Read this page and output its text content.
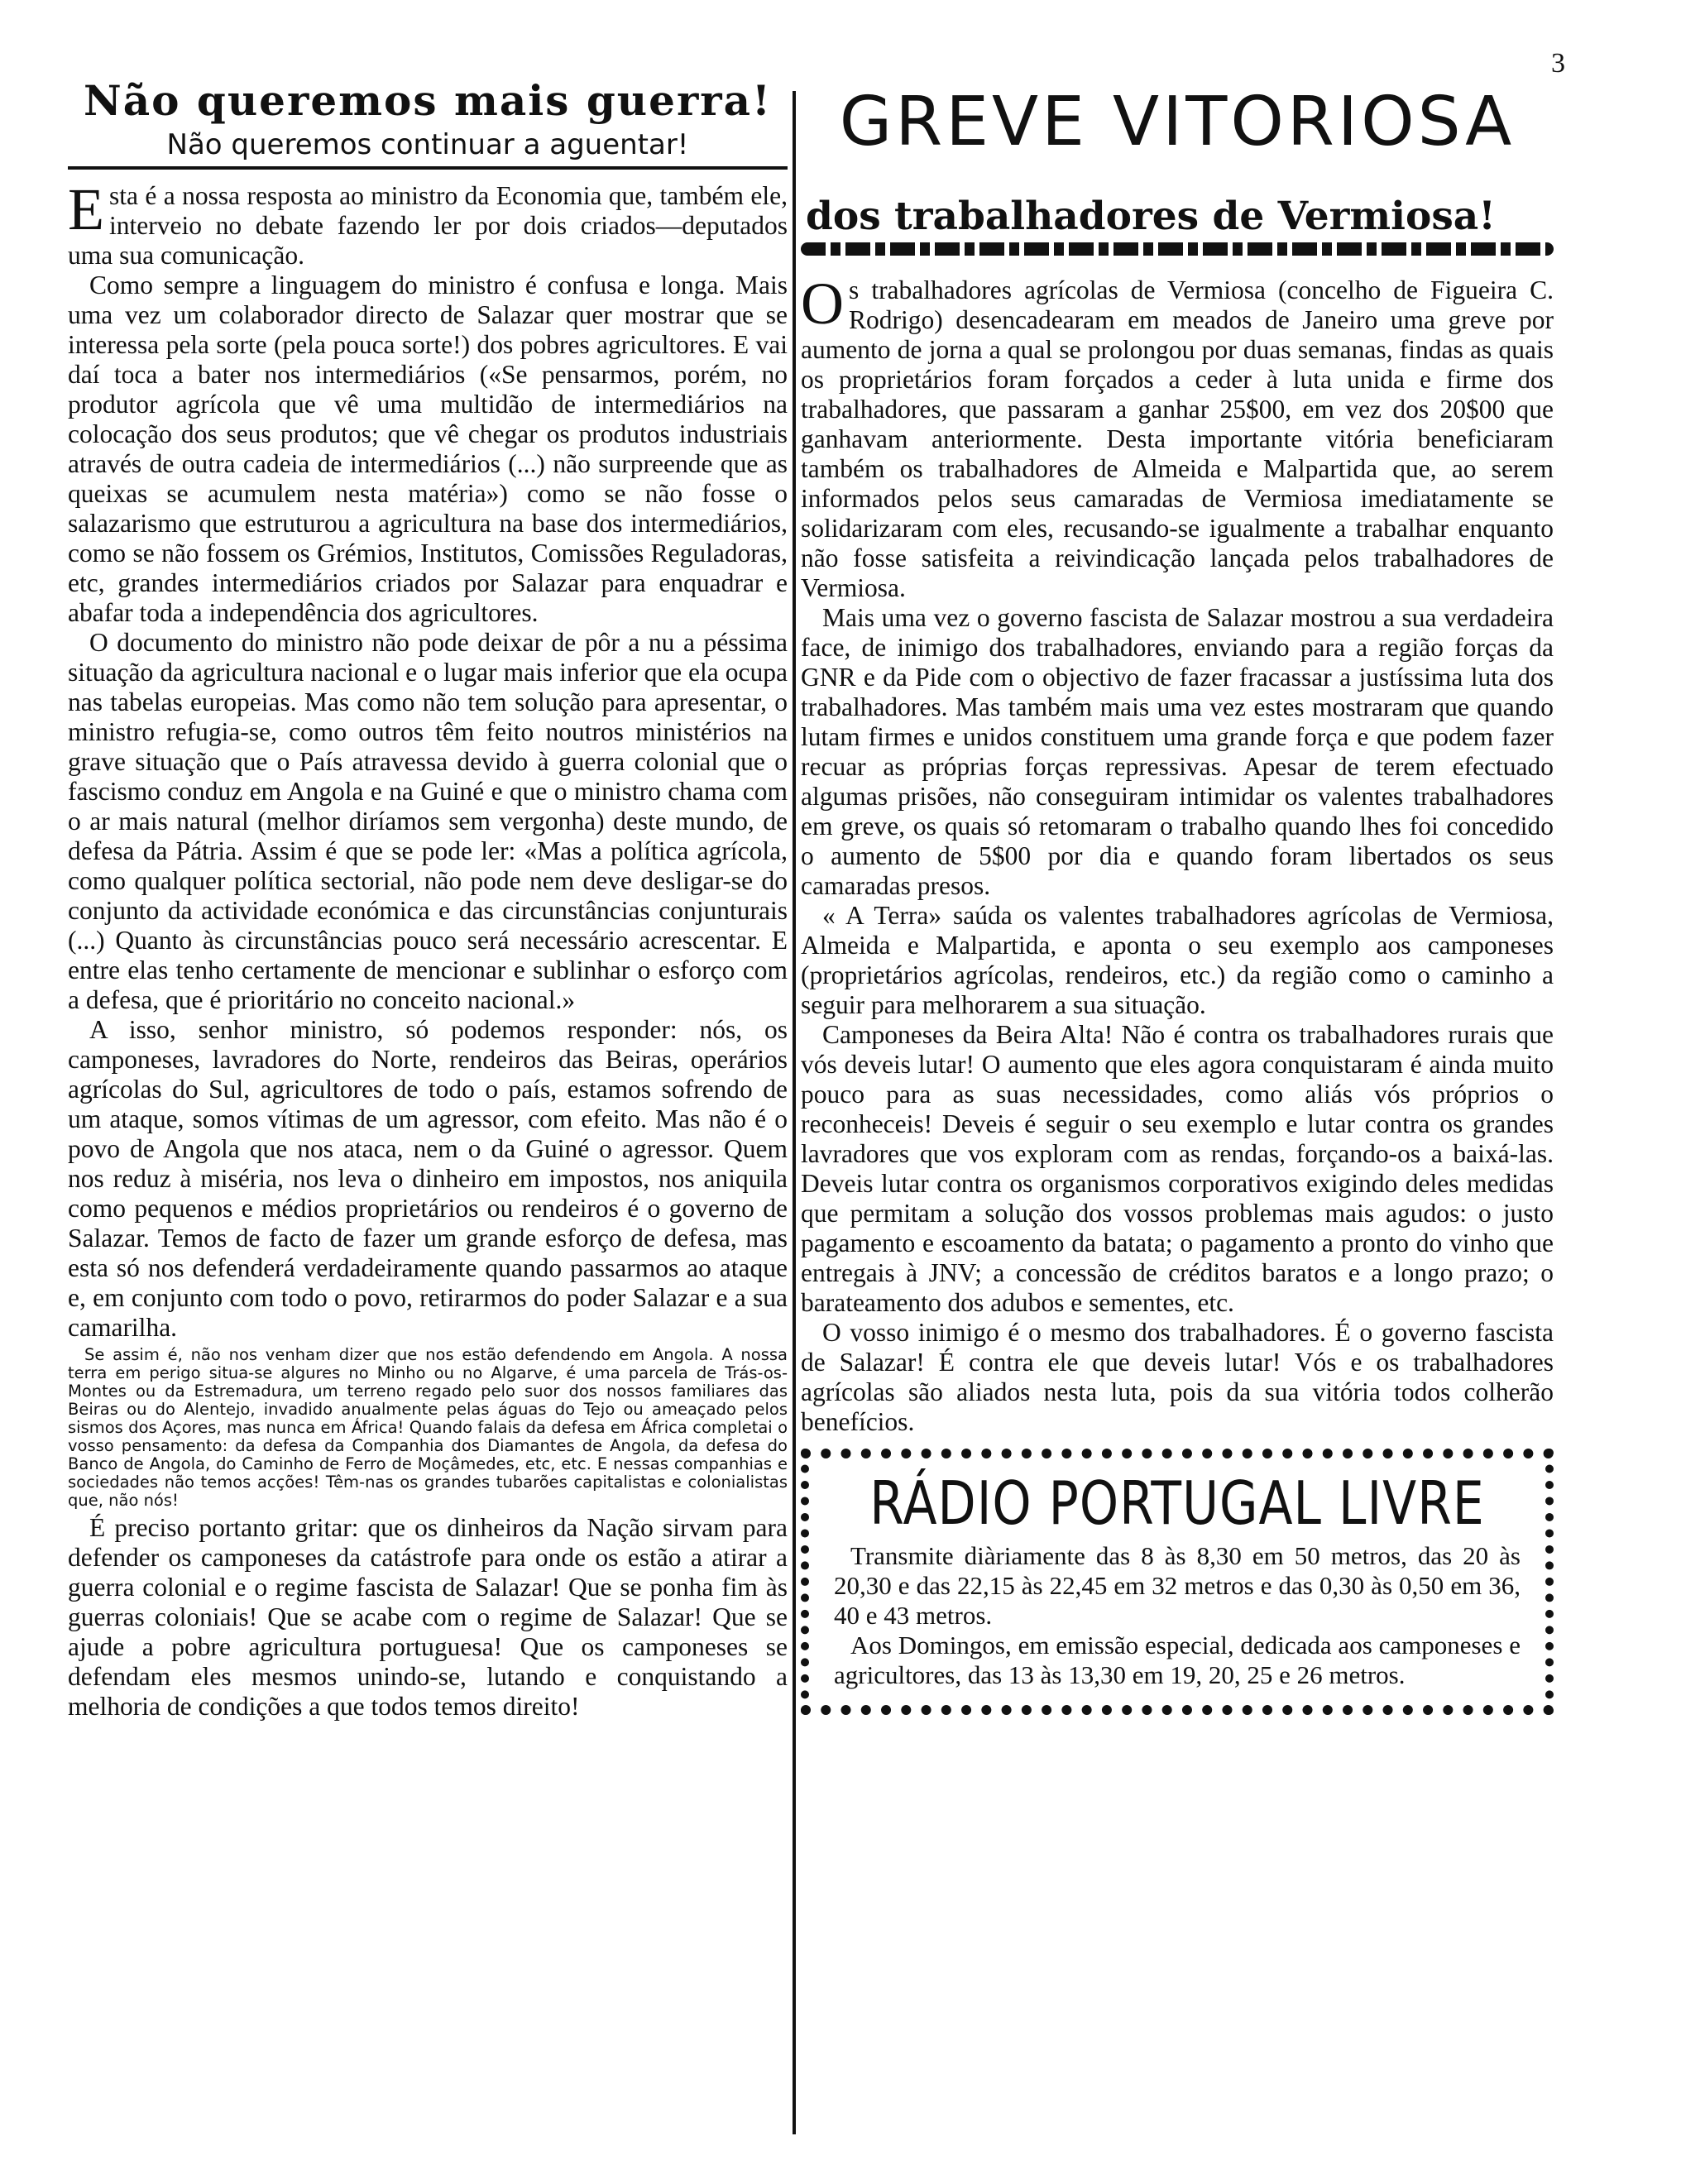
3
Não queremos mais guerra!
Não queremos continuar a aguentar!

Esta é a nossa resposta ao ministro da Economia que, também ele, interveio no debate fazendo ler por dois criados—deputados uma sua comunicação.

Como sempre a linguagem do ministro é confusa e longa. Mais uma vez um colaborador directo de Salazar quer mostrar que se interessa pela sorte (pela pouca sorte!) dos pobres agricultores. E vai daí toca a bater nos intermediários («Se pensarmos, porém, no produtor agrícola que vê uma multidão de intermediários na colocação dos seus produtos; que vê chegar os produtos industriais através de outra cadeia de intermediários (...) não surpreende que as queixas se acumulem nesta matéria») como se não fosse o salazarismo que estruturou a agricultura na base dos intermediários, como se não fossem os Grémios, Institutos, Comissões Reguladoras, etc, grandes intermediários criados por Salazar para enquadrar e abafar toda a independência dos agricultores.

O documento do ministro não pode deixar de pôr a nu a péssima situação da agricultura nacional e o lugar mais inferior que ela ocupa nas tabelas europeias. Mas como não tem solução para apresentar, o ministro refugia-se, como outros têm feito noutros ministérios na grave situação que o País atravessa devido à guerra colonial que o fascismo conduz em Angola e na Guiné e que o ministro chama com o ar mais natural (melhor diríamos sem vergonha) deste mundo, de defesa da Pátria. Assim é que se pode ler: «Mas a política agrícola, como qualquer política sectorial, não pode nem deve desligar-se do conjunto da actividade económica e das circunstâncias conjunturais (...) Quanto às circunstâncias pouco será necessário acrescentar. E entre elas tenho certamente de mencionar e sublinhar o esforço com a defesa, que é prioritário no conceito nacional.»

A isso, senhor ministro, só podemos responder: nós, os camponeses, lavradores do Norte, rendeiros das Beiras, operários agrícolas do Sul, agricultores de todo o país, estamos sofrendo de um ataque, somos vítimas de um agressor, com efeito. Mas não é o povo de Angola que nos ataca, nem o da Guiné o agressor. Quem nos reduz à miséria, nos leva o dinheiro em impostos, nos aniquila como pequenos e médios proprietários ou rendeiros é o governo de Salazar. Temos de facto de fazer um grande esforço de defesa, mas esta só nos defenderá verdadeiramente quando passarmos ao ataque e, em conjunto com todo o povo, retirarmos do poder Salazar e a sua camarilha.

Se assim é, não nos venham dizer que nos estão defendendo em Angola. A nossa terra em perigo situa-se algures no Minho ou no Algarve, é uma parcela de Trás-os-Montes ou da Estremadura, um terreno regado pelo suor dos nossos familiares das Beiras ou do Alentejo, invadido anualmente pelas águas do Tejo ou ameaçado pelos sismos dos Açores, mas nunca em África! Quando falais da defesa em África completai o vosso pensamento: da defesa da Companhia dos Diamantes de Angola, da defesa do Banco de Angola, do Caminho de Ferro de Moçâmedes, etc, etc. E nessas companhias e sociedades não temos acções! Têm-nas os grandes tubarões capitalistas e colonialistas que, não nós!

É preciso portanto gritar: que os dinheiros da Nação sirvam para defender os camponeses da catástrofe para onde os estão a atirar a guerra colonial e o regime fascista de Salazar! Que se ponha fim às guerras coloniais! Que se acabe com o regime de Salazar! Que se ajude a pobre agricultura portuguesa! Que os camponeses se defendam eles mesmos unindo-se, lutando e conquistando a melhoria de condições a que todos temos direito!

GREVE VITORIOSA
dos trabalhadores de Vermiosa!

Os trabalhadores agrícolas de Vermiosa (concelho de Figueira C. Rodrigo) desencadearam em meados de Janeiro uma greve por aumento de jorna a qual se prolongou por duas semanas, findas as quais os proprietários foram forçados a ceder à luta unida e firme dos trabalhadores, que passaram a ganhar 25$00, em vez dos 20$00 que ganhavam anteriormente. Desta importante vitória beneficiaram também os trabalhadores de Almeida e Malpartida que, ao serem informados pelos seus camaradas de Vermiosa imediatamente se solidarizaram com eles, recusando-se igualmente a trabalhar enquanto não fosse satisfeita a reivindicação lançada pelos trabalhadores de Vermiosa.

Mais uma vez o governo fascista de Salazar mostrou a sua verdadeira face, de inimigo dos trabalhadores, enviando para a região forças da GNR e da Pide com o objectivo de fazer fracassar a justíssima luta dos trabalhadores. Mas também mais uma vez estes mostraram que quando lutam firmes e unidos constituem uma grande força e que podem fazer recuar as próprias forças repressivas. Apesar de terem efectuado algumas prisões, não conseguiram intimidar os valentes trabalhadores em greve, os quais só retomaram o trabalho quando lhes foi concedido o aumento de 5$00 por dia e quando foram libertados os seus camaradas presos.

« A Terra» saúda os valentes trabalhadores agrícolas de Vermiosa, Almeida e Malpartida, e aponta o seu exemplo aos camponeses (proprietários agrícolas, rendeiros, etc.) da região como o caminho a seguir para melhorarem a sua situação.

Camponeses da Beira Alta! Não é contra os trabalhadores rurais que vós deveis lutar! O aumento que eles agora conquistaram é ainda muito pouco para as suas necessidades, como aliás vós próprios o reconheceis! Deveis é seguir o seu exemplo e lutar contra os grandes lavradores que vos exploram com as rendas, forçando-os a baixá-las. Deveis lutar contra os organismos corporativos exigindo deles medidas que permitam a solução dos vossos problemas mais agudos: o justo pagamento e escoamento da batata; o pagamento a pronto do vinho que entregais à JNV; a concessão de créditos baratos e a longo prazo; o barateamento dos adubos e sementes, etc.

O vosso inimigo é o mesmo dos trabalhadores. É o governo fascista de Salazar! É contra ele que deveis lutar! Vós e os trabalhadores agrícolas são aliados nesta luta, pois da sua vitória todos colherão benefícios.

RÁDIO PORTUGAL LIVRE

Transmite diàriamente das 8 às 8,30 em 50 metros, das 20 às 20,30 e das 22,15 às 22,45 em 32 metros e das 0,30 às 0,50 em 36, 40 e 43 metros.

Aos Domingos, em emissão especial, dedicada aos camponeses e agricultores, das 13 às 13,30 em 19, 20, 25 e 26 metros.
